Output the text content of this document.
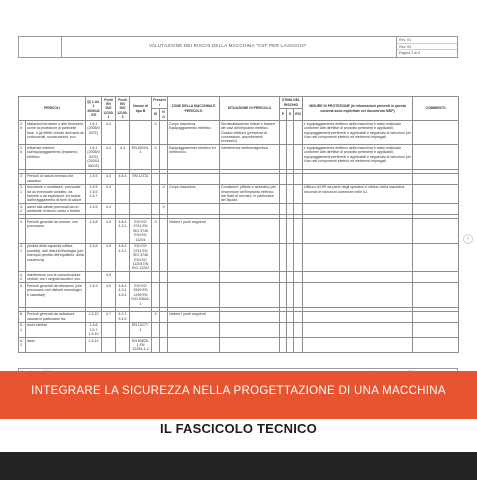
VALUTAZIONE DEI RISCHI DELLA MACCHINA "CSF PER LAVAGGIO"
Rev. 01
Rev. 00
Pagina 2 di 6
PERICOLI		§§ 1 All. 1 2006/42/CE	Punti EN ISO 12100-1	Punti EN ISO 12100-2	Norme di tipo B	Presenti		ZONE DELLA MACCHINA E PERICOLO	SITUAZIONE DI PERICOLO	STIMA DEL RISCHIO			MISURE DI PROTEZIONE (le informazioni presenti in questa colonna sono esplicitate nel documento MDP)	COMMENTO
						SI	NO			P	S	ESI		
2.5	radiazioni termiche o altri fenomeni, come la proiezione di particelle fuse, o gli effetti chimici derivanti da cortocircuiti, sovraccarichi, ecc.	1.5.1 (2006/95/CE)	4.3			X		Corpo macchina. Equipaggiamento elettrico.	Surriscaldamento iniziali o fusione dei cavi dell'impianto elettrico. Guasto elettrico (presenza di connessioni, assorbimenti eccessivi)				L'equipaggiamento elettrico della macchina è stato realizzato conforme alle direttive di prodotto pertinenti e applicabili; equipaggiamenti pertinenti e applicabili e seguendo le istruzioni per l'uso dei componenti elettrici ed elettronici impiegati.	
2.6	influenze esterne sull'equipaggiamento (impianto) elettrico	1.5.1 (2006/95/CE) (2004/108/CE)	4.3	4.4	EN 60204-1	X		Equipaggiamento elettrico ed elettronico.	Interferenza elettromagnetica				L'equipaggiamento elettrico della macchina è stato realizzato conforme alle direttive di prodotto pertinenti e applicabili; equipaggiamenti pertinenti e applicabili e seguendo le istruzioni per l'uso dei componenti elettrici ed elettronici impiegati.	

3	Pericoli di natura termica che causano:	1.5.5	4.4	4.8.4	EN 13732									
3.1	bruciature o scottature, provocate da un eventuale contatto, da fiamme o da esplosioni, ed anche dall'irraggiamento di fonti di calore	1.5.5 1.5.6 1.5.7	4.4				X	Corpo macchina.	Condizioni: (difetto e azionato) per l'inserzione dell'impianto elettrico dai fluidi di servizio; in particolare del liquido.				Utilizzo di DPI da parte degli operatori e utilizzo della macchina secondo le istruzioni contenute nelle IU.	
3.2	danni alla salute provocati da un ambiente di lavoro caldo o freddo	1.5.5	4.4				X							

4	Pericoli generati da rumore, che provocano:	1.5.8	4.5	4.8.4 4.3.1	EN ISO 3741 EN ISO 3746 EN ISO 11204	X		Vedere i punti seguenti						
4.1	perdita della capacità uditiva (sordità), altri disturbi fisiologici (per esempio perdita dell'equilibrio, della coscienza)	1.5.8	4.5	4.8.4 4.3.1	EN ISO 3741 EN ISO 3746 EN ISO 11204 EN ISO 11202									
4.2	interferenze con le comunicazioni verbali, con i segnali acustici, ecc.		4.5											
5	Pericoli generati da vibrazioni (che provocano vari disturbi neurologici e vascolari)	1.5.9	4.6	4.8.4 4.3.1 4.8.4	EN ISO 5349 EN 1299 EN ISO 20643-1									

6	Pericoli generati da radiazioni, causati in particolare da:	1.5.10	4.7	4.2.1 5.4.5		X		Vedere i punti seguenti						
6.1	archi elettrici	1.5.6 1.5.7 1.5.10			EN 12277-1									
6.2	laser	1.5.12			EN 60825-1 EN 12254-1-2									
›
INTEGRARE LA SICUREZZA NELLA PROGETTAZIONE DI UNA MACCHINA
IL FASCICOLO TECNICO
